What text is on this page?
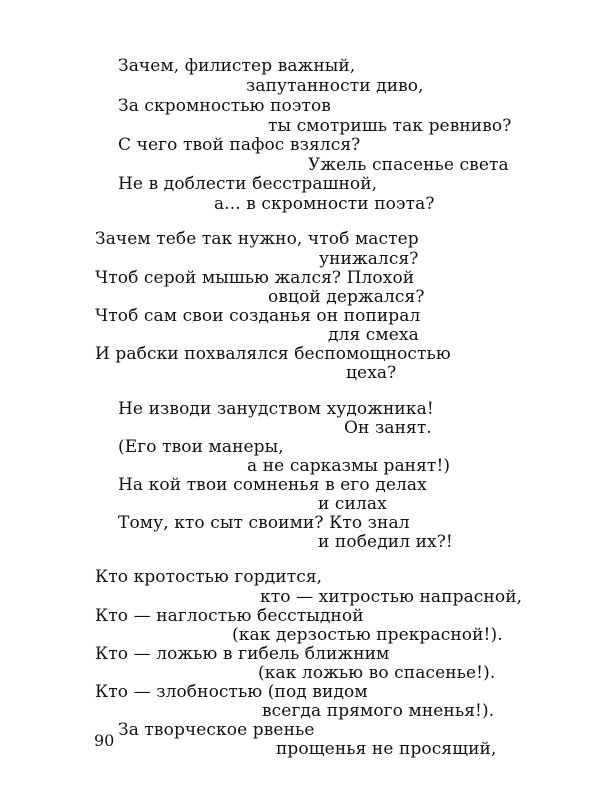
Зачем, филистер важный,
запутанности диво,
За скромностью поэтов
ты смотришь так ревниво?
С чего твой пафос взялся?
Ужель спасенье света
Не в доблести бесстрашной,
а... в скромности поэта?
Зачем тебе так нужно, чтоб мастер
унижался?
Чтоб серой мышью жался? Плохой
овцой держался?
Чтоб сам свои созданья он попирал
для смеха
И рабски похвалялся беспомощностью
цеха?
Не изводи занудством художника!
Он занят.
(Его твои манеры,
а не сарказмы ранят!)
На кой твои сомненья в его делах
и силах
Тому, кто сыт своими? Кто знал
и победил их?!
Кто кротостью гордится,
кто — хитростью напрасной,
Кто — наглостью бесстыдной
(как дерзостью прекрасной!).
Кто — ложью в гибель ближним
(как ложью во спасенье!).
Кто — злобностью (под видом
всегда прямого мненья!).
За творческое рвенье
прощенья не просящий,
90
